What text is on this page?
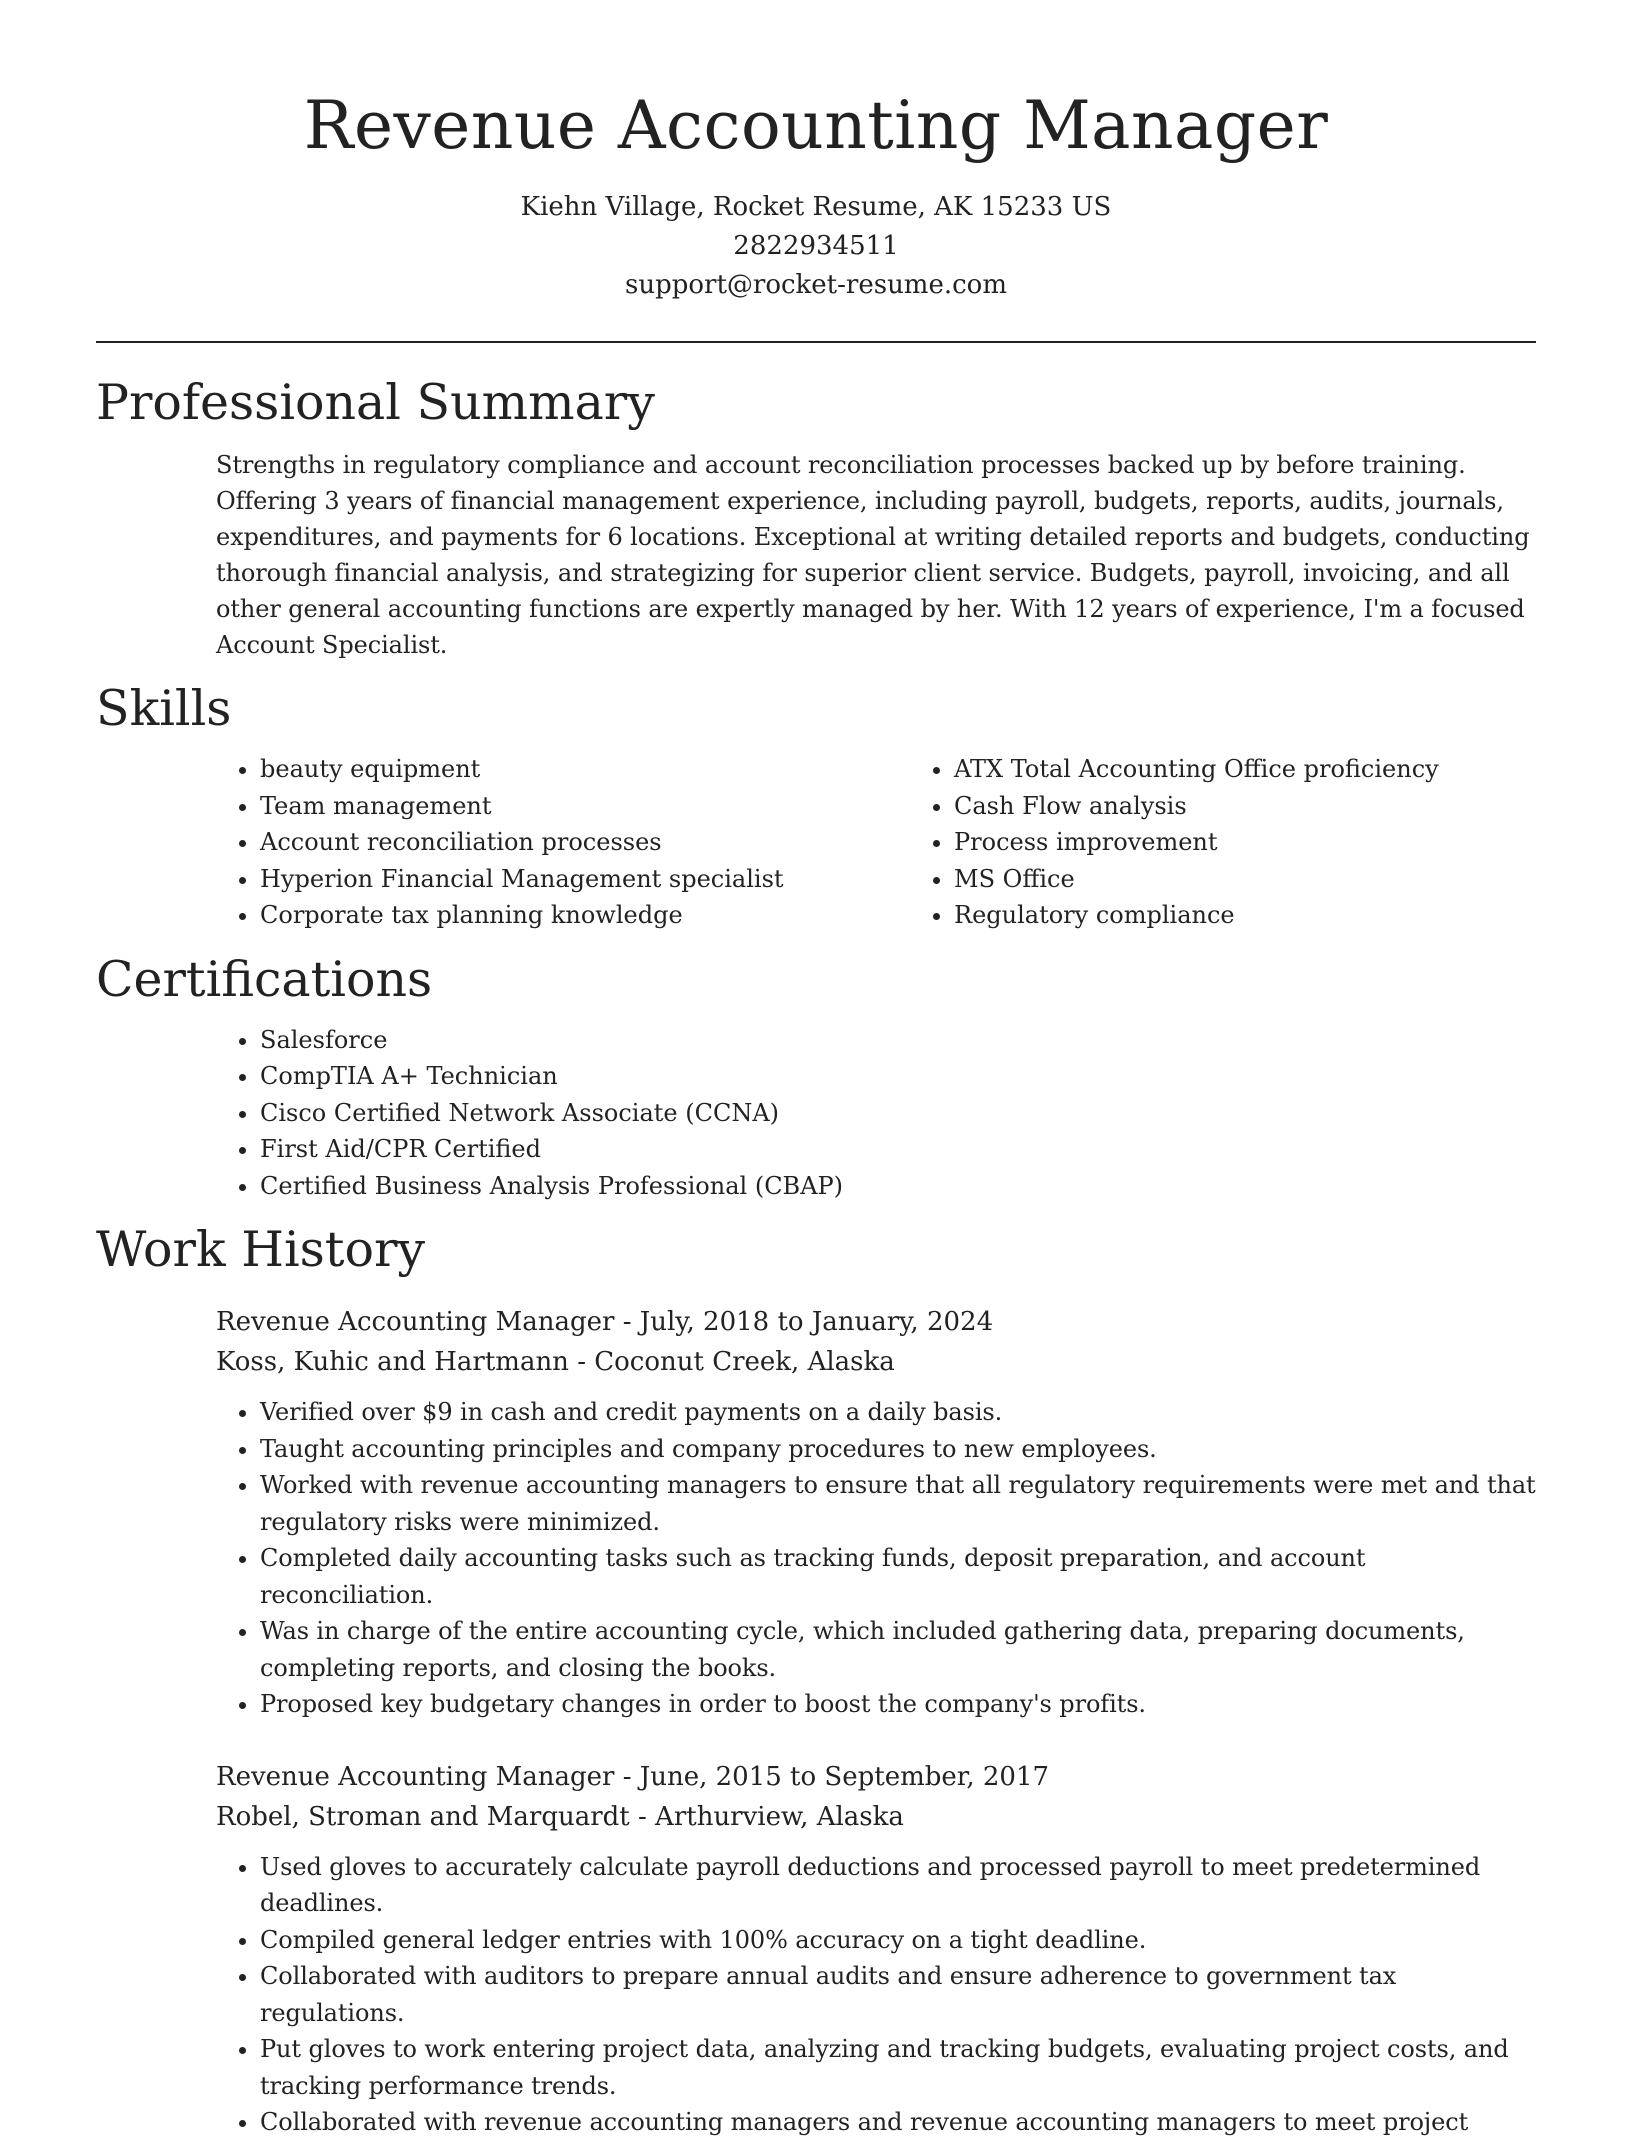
Revenue Accounting Manager
Kiehn Village, Rocket Resume, AK 15233 US
2822934511
support@rocket-resume.com
Professional Summary

Strengths in regulatory compliance and account reconciliation processes backed up by before training. Offering 3 years of financial management experience, including payroll, budgets, reports, audits, journals, expenditures, and payments for 6 locations. Exceptional at writing detailed reports and budgets, conducting thorough financial analysis, and strategizing for superior client service. Budgets, payroll, invoicing, and all other general accounting functions are expertly managed by her. With 12 years of experience, I'm a focused Account Specialist.

Skills
• beauty equipment
• Team management
• Account reconciliation processes
• Hyperion Financial Management specialist
• Corporate tax planning knowledge
• ATX Total Accounting Office proficiency
• Cash Flow analysis
• Process improvement
• MS Office
• Regulatory compliance
Certifications
• Salesforce
• CompTIA A+ Technician
• Cisco Certified Network Associate (CCNA)
• First Aid/CPR Certified
• Certified Business Analysis Professional (CBAP)
Work History
Revenue Accounting Manager - July, 2018 to January, 2024
Koss, Kuhic and Hartmann - Coconut Creek, Alaska
• Verified over $9 in cash and credit payments on a daily basis.
• Taught accounting principles and company procedures to new employees.
• Worked with revenue accounting managers to ensure that all regulatory requirements were met and that regulatory risks were minimized.
• Completed daily accounting tasks such as tracking funds, deposit preparation, and account reconciliation.
• Was in charge of the entire accounting cycle, which included gathering data, preparing documents, completing reports, and closing the books.
• Proposed key budgetary changes in order to boost the company's profits.
Revenue Accounting Manager - June, 2015 to September, 2017
Robel, Stroman and Marquardt - Arthurview, Alaska
• Used gloves to accurately calculate payroll deductions and processed payroll to meet predetermined deadlines.
• Compiled general ledger entries with 100% accuracy on a tight deadline.
• Collaborated with auditors to prepare annual audits and ensure adherence to government tax regulations.
• Put gloves to work entering project data, analyzing and tracking budgets, evaluating project costs, and tracking performance trends.
• Collaborated with revenue accounting managers and revenue accounting managers to meet project
